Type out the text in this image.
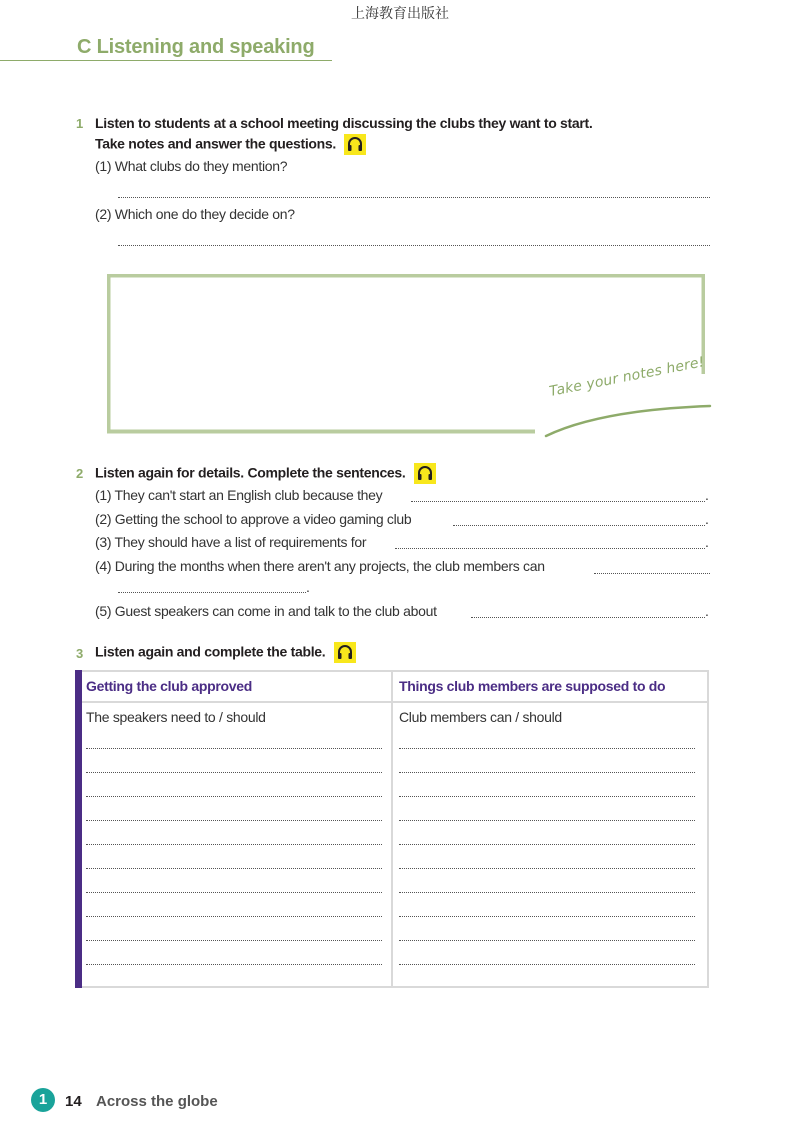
上海教育出版社
C Listening and speaking
1 Listen to students at a school meeting discussing the clubs they want to start.
Take notes and answer the questions.
(1) What clubs do they mention?
(2) Which one do they decide on?
Take your notes here!
2 Listen again for details. Complete the sentences.
(1) They can't start an English club because they	.
(2) Getting the school to approve a video gaming club	.
(3) They should have a list of requirements for	.
(4) During the months when there aren't any projects, the club members can
.
(5) Guest speakers can come in and talk to the club about	.
3 Listen again and complete the table.
Getting the club approved	Things club members are supposed to do
The speakers need to / should	Club members can / should
1	14 Across the globe
